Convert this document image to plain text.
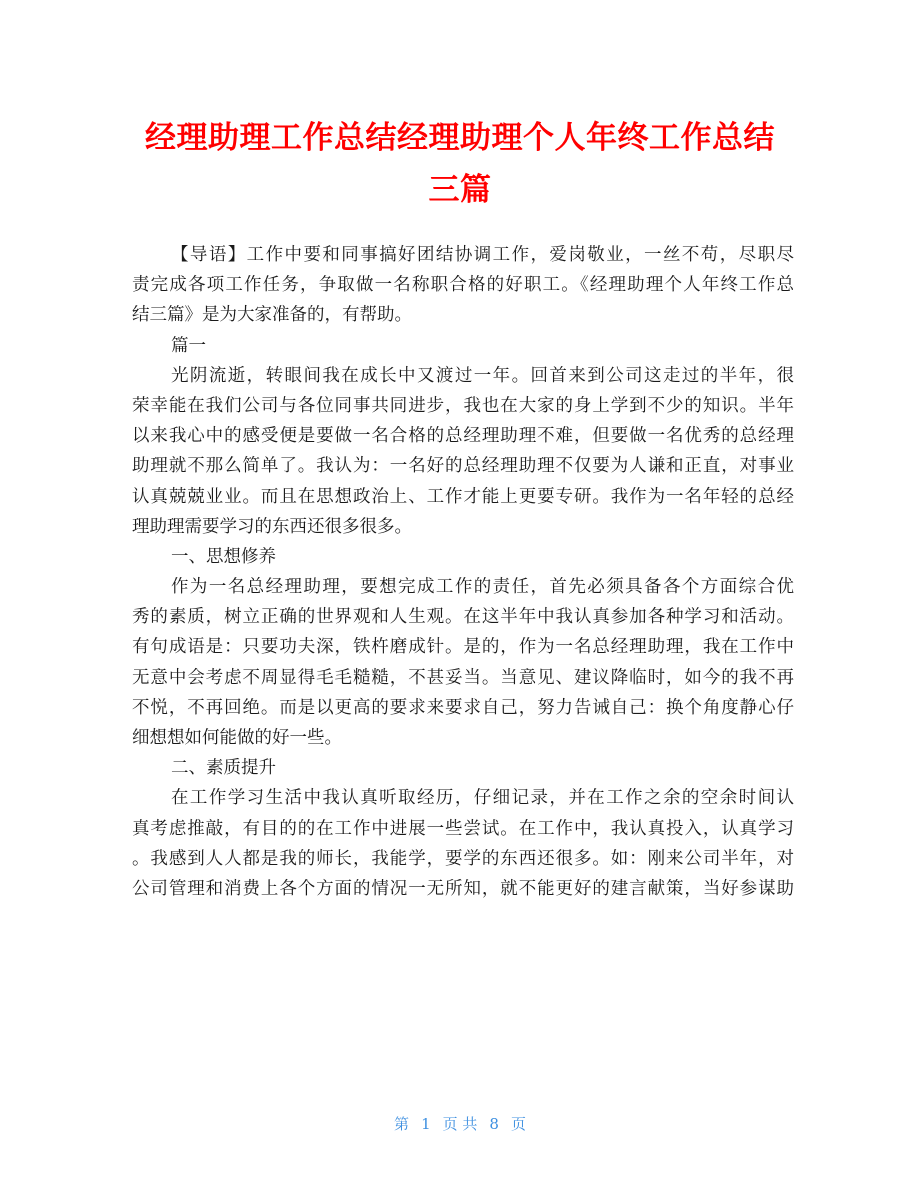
经理助理工作总结经理助理个人年终工作总结
三篇
【导语】工作中要和同事搞好团结协调工作，爱岗敬业，一丝不苟，尽职尽
责完成各项工作任务，争取做一名称职合格的好职工。《经理助理个人年终工作总
结三篇》是为大家准备的，有帮助。
篇一
光阴流逝，转眼间我在成长中又渡过一年。回首来到公司这走过的半年，很
荣幸能在我们公司与各位同事共同进步，我也在大家的身上学到不少的知识。半年
以来我心中的感受便是要做一名合格的总经理助理不难，但要做一名优秀的总经理
助理就不那么简单了。我认为：一名好的总经理助理不仅要为人谦和正直，对事业
认真兢兢业业。而且在思想政治上、工作才能上更要专研。我作为一名年轻的总经
理助理需要学习的东西还很多很多。
一、思想修养
作为一名总经理助理，要想完成工作的责任，首先必须具备各个方面综合优
秀的素质，树立正确的世界观和人生观。在这半年中我认真参加各种学习和活动。
有句成语是：只要功夫深，铁杵磨成针。是的，作为一名总经理助理，我在工作中
无意中会考虑不周显得毛毛糙糙，不甚妥当。当意见、建议降临时，如今的我不再
不悦，不再回绝。而是以更高的要求来要求自己，努力告诫自己：换个角度静心仔
细想想如何能做的好一些。
二、素质提升
在工作学习生活中我认真听取经历，仔细记录，并在工作之余的空余时间认
真考虑推敲，有目的的在工作中进展一些尝试。在工作中，我认真投入，认真学习
。我感到人人都是我的师长，我能学，要学的东西还很多。如：刚来公司半年，对
公司管理和消费上各个方面的情况一无所知，就不能更好的建言献策，当好参谋助
第 1 页 共 8 页
